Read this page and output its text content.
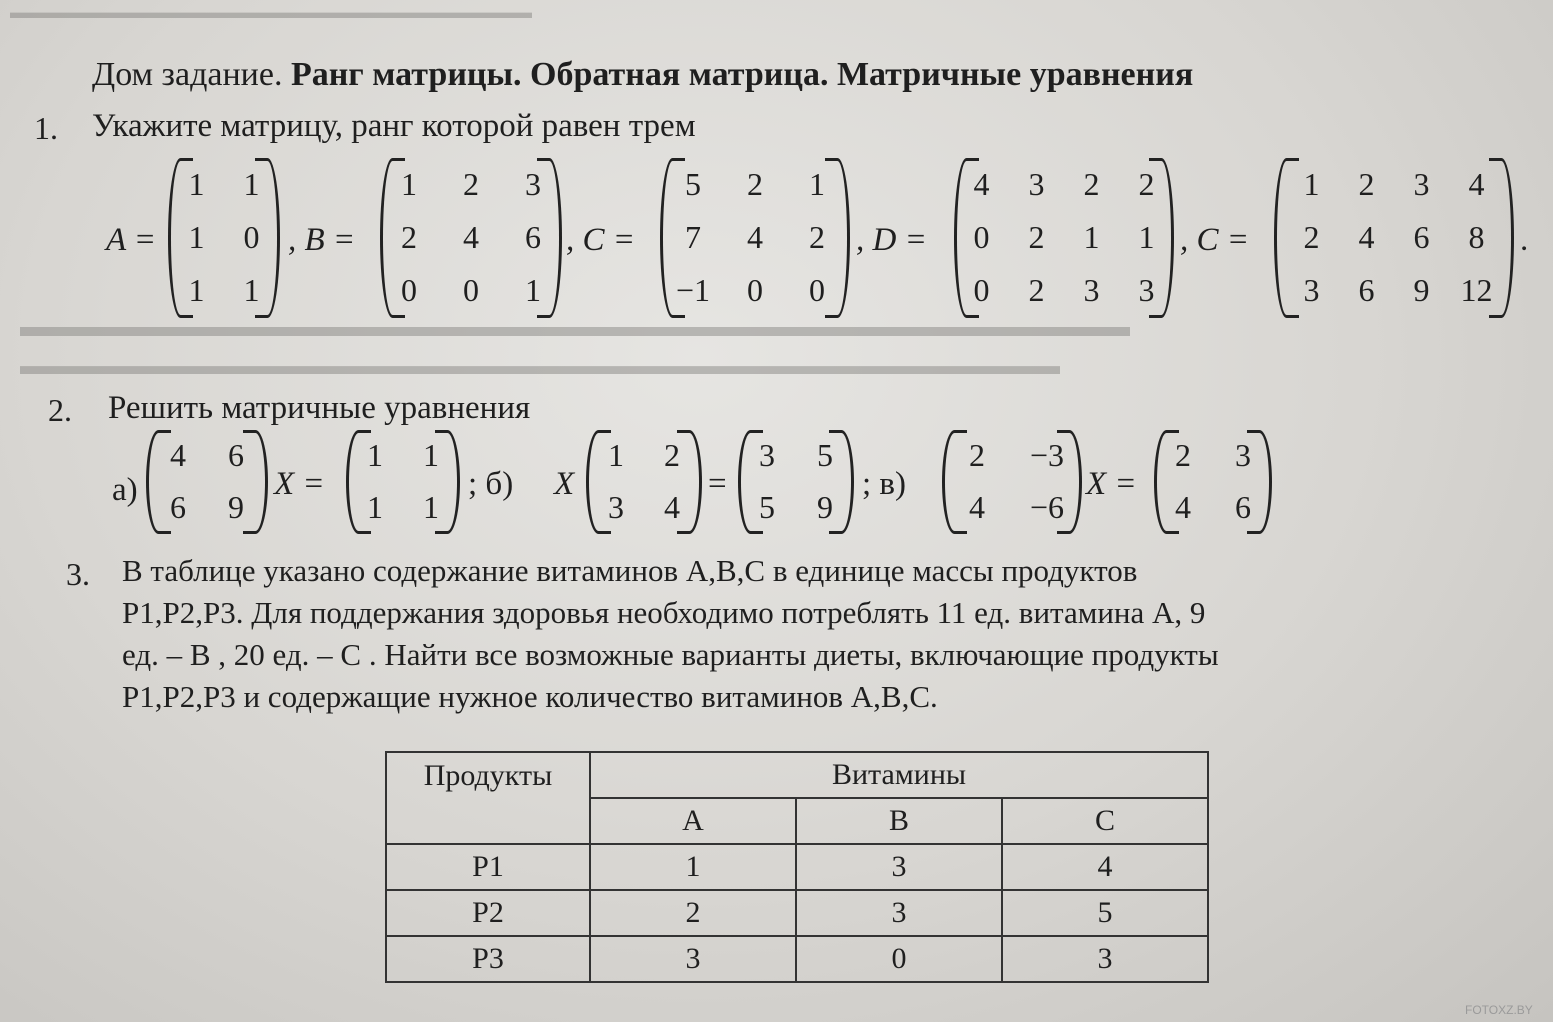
▬▬▬▬▬▬▬▬▬▬▬▬▬▬▬▬▬▬▬▬▬▬▬▬▬▬▬▬▬
▬▬▬▬▬▬▬▬▬▬▬▬▬▬▬▬▬▬▬▬▬▬▬▬▬▬▬▬▬▬▬▬▬▬▬▬▬
▬▬▬▬▬▬▬▬▬▬▬▬▬▬▬▬▬▬▬▬▬▬▬▬▬▬▬▬▬▬▬▬▬▬▬▬▬▬▬▬
Дом задание. Ранг матрицы. Обратная матрица. Матричные уравнения
1. Укажите матрицу, ранг которой равен трем
A =
1	1
1	0
1	1
, B =
1	2	3
2	4	6
0	0	1
, C =
5	2	1
7	4	2
−1	0	0
, D =
4	3	2	2
0	2	1	1
0	2	3	3
, C =
1	2	3	4
2	4	6	8
3	6	9 12
.
2. Решить матричные уравнения
а)
4	6
6	9
X =
1	1
1	1
; б) X
1	2
3	4
=
3	5
5	9
; в)
2	−3
4	−6
X =
2	3
4	6
3. В таблице указано содержание витаминов A,B,C в единице массы продуктов
P1,P2,P3. Для поддержания здоровья необходимо потреблять 11 ед. витамина A, 9
ед. – B , 20 ед. – C . Найти все возможные варианты диеты, включающие продукты
P1,P2,P3 и содержащие нужное количество витаминов A,B,C.
Продукты	Витамины		
	A	B	C
P1	1	3	4
P2	2	3	5
P3	3	0	3
FOTOXZ.BY
